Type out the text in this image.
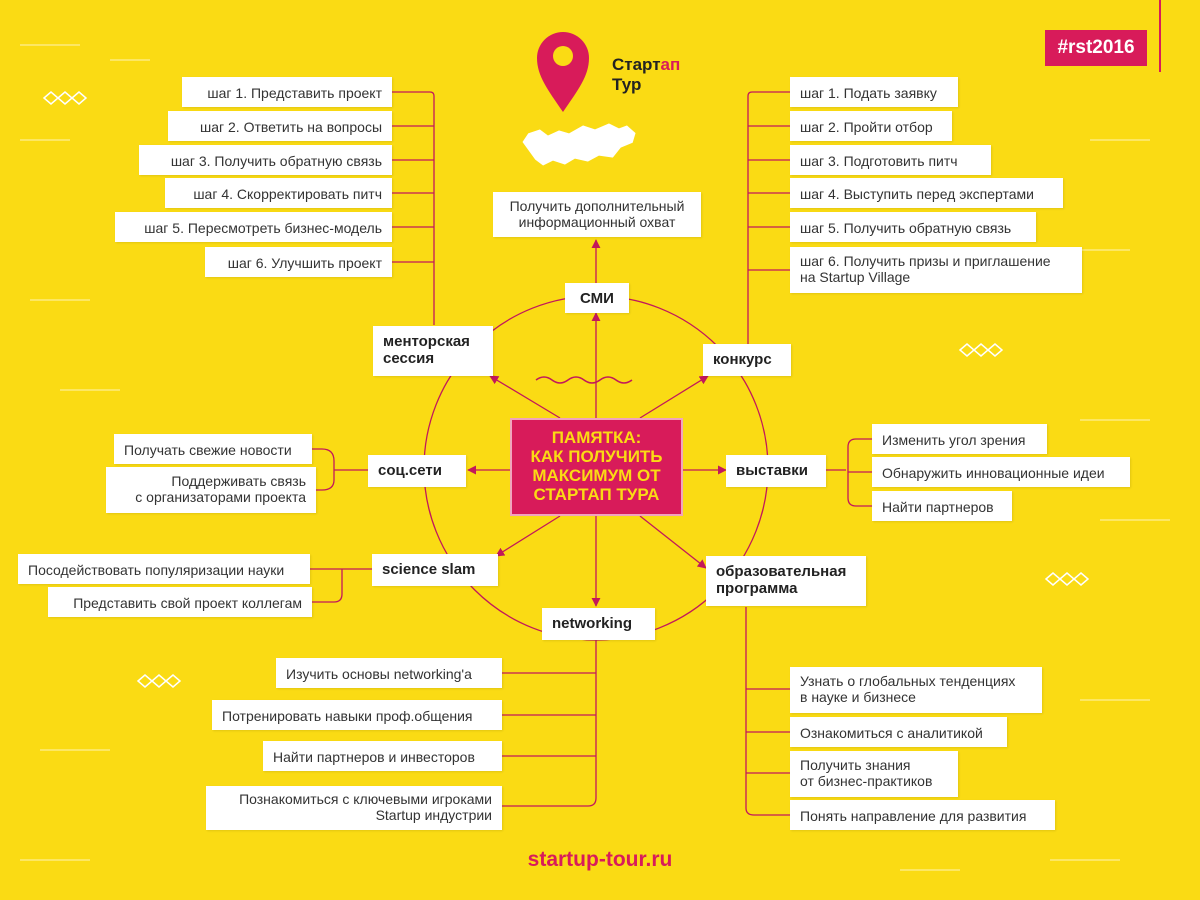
Стартап
Тур
#rst2016
ПАМЯТКА:
КАК ПОЛУЧИТЬ
МАКСИМУМ ОТ
СТАРТАП ТУРА
СМИ
менторская
сессия	конкурс
соц.сети	выставки
science slam	образовательная
программа
networking
Получить дополнительный
информационный охват
шаг 1. Представить проект
шаг 2. Ответить на вопросы
шаг 3. Получить обратную связь
шаг 4. Скорректировать питч
шаг 5. Пересмотреть бизнес-модель
шаг 6. Улучшить проект
шаг 1. Подать заявку
шаг 2. Пройти отбор
шаг 3. Подготовить питч
шаг 4. Выступить перед экспертами
шаг 5. Получить обратную связь
шаг 6. Получить призы и приглашение
на Startup Village
Получать свежие новости
Поддерживать связь
с организаторами проекта
Изменить угол зрения
Обнаружить инновационные идеи
Найти партнеров
Посодействовать популяризации науки
Представить свой проект коллегам
Изучить основы networking'а
Потренировать навыки проф.общения
Найти партнеров и инвесторов
Познакомиться с ключевыми игроками
Startup индустрии
Узнать о глобальных тенденциях
в науке и бизнесе
Ознакомиться с аналитикой
Получить знания
от бизнес-практиков
Понять направление для развития
startup-tour.ru
